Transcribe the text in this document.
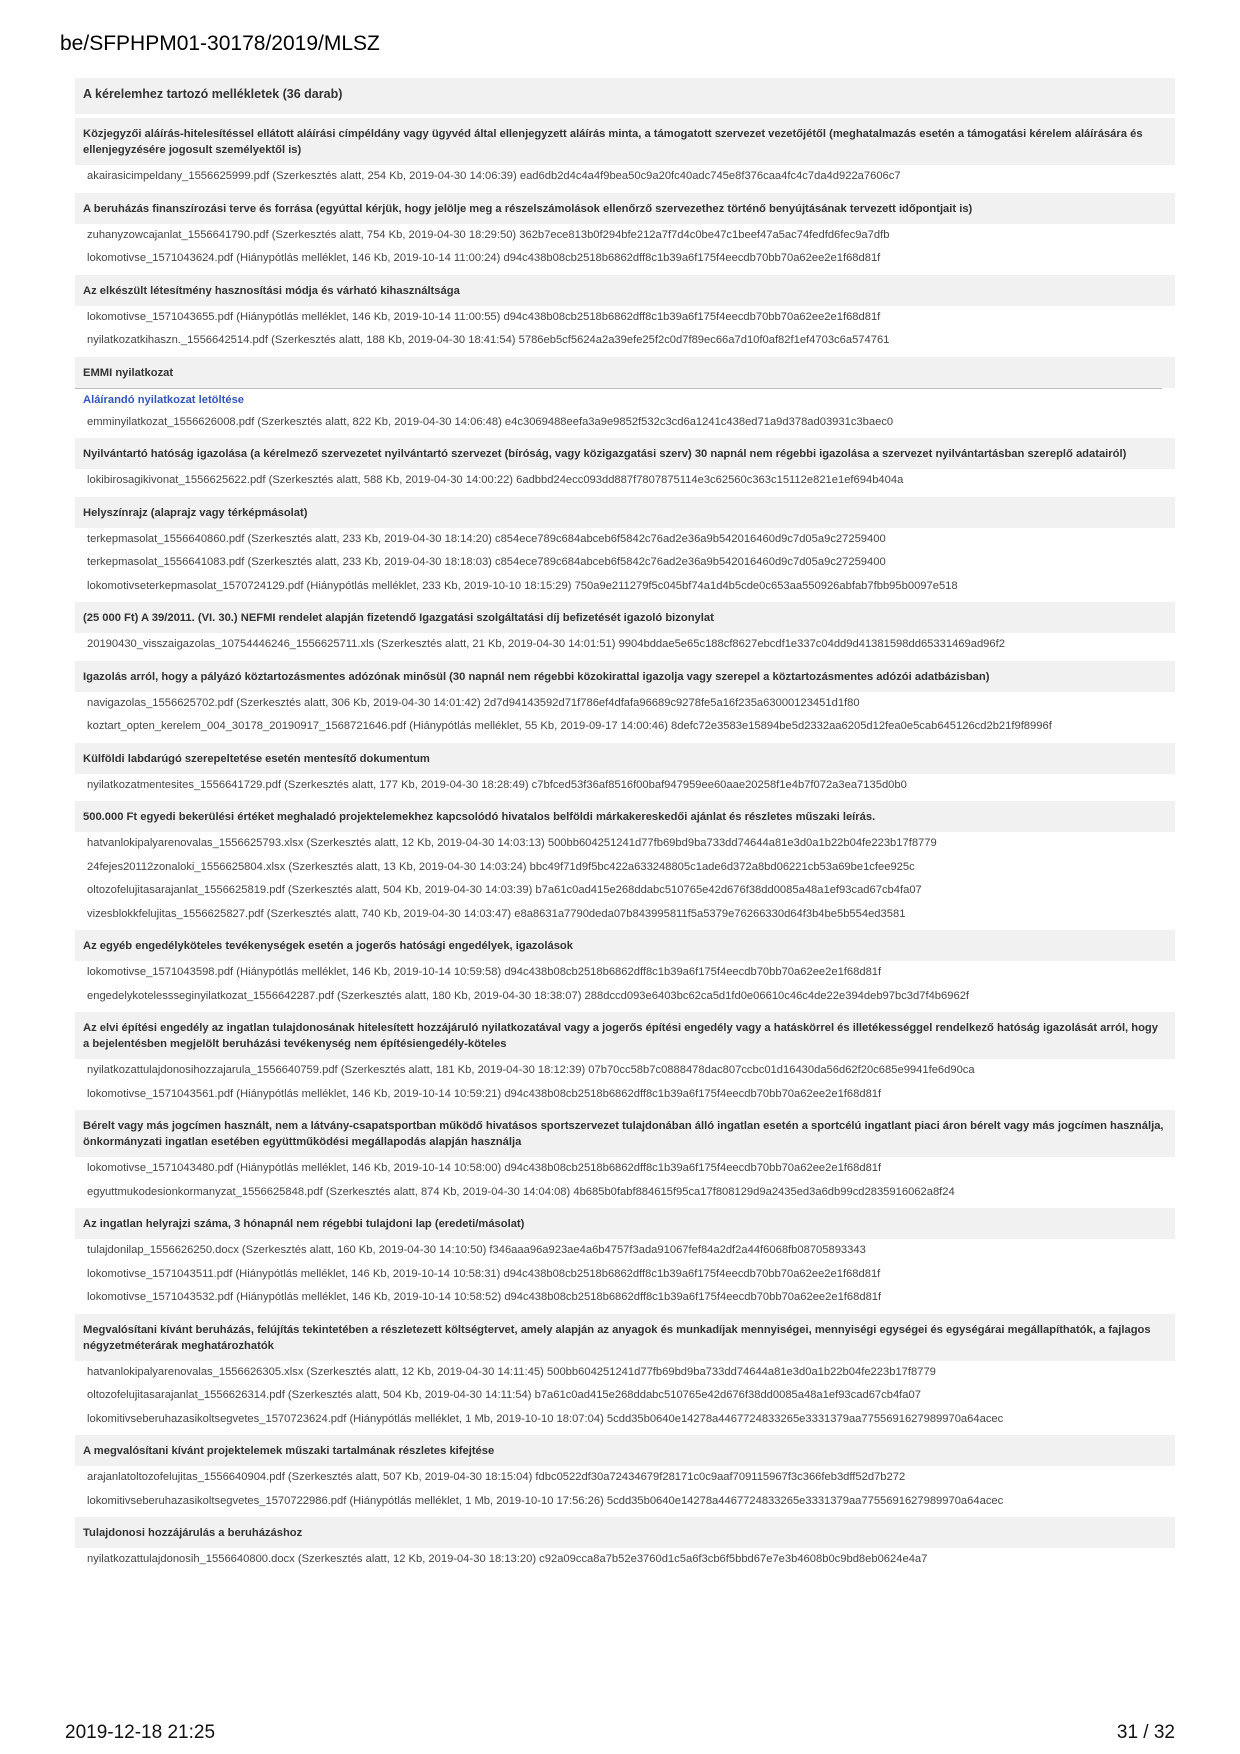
be/SFPHPM01-30178/2019/MLSZ
A kérelemhez tartozó mellékletek (36 darab)
Közjegyzői aláírás-hitelesítéssel ellátott aláírási címpéldány vagy ügyvéd által ellenjegyzett aláírás minta, a támogatott szervezet vezetőjétől (meghatalmazás esetén a támogatási kérelem aláírására és ellenjegyzésére jogosult személyektől is)
akairasicimpeldany_1556625999.pdf (Szerkesztés alatt, 254 Kb, 2019-04-30 14:06:39) ead6db2d4c4a4f9bea50c9a20fc40adc745e8f376caa4fc4c7da4d922a7606c7
A beruházás finanszírozási terve és forrása (egyúttal kérjük, hogy jelölje meg a részelszámolások ellenőrző szervezethez történő benyújtásának tervezett időpontjait is)
zuhanyzowcajanlat_1556641790.pdf (Szerkesztés alatt, 754 Kb, 2019-04-30 18:29:50) 362b7ece813b0f294bfe212a7f7d4c0be47c1beef47a5ac74fedfd6fec9a7dfb
lokomotivse_1571043624.pdf (Hiánypótlás melléklet, 146 Kb, 2019-10-14 11:00:24) d94c438b08cb2518b6862dff8c1b39a6f175f4eecdb70bb70a62ee2e1f68d81f
Az elkészült létesítmény hasznosítási módja és várható kihasználtsága
lokomotivse_1571043655.pdf (Hiánypótlás melléklet, 146 Kb, 2019-10-14 11:00:55) d94c438b08cb2518b6862dff8c1b39a6f175f4eecdb70bb70a62ee2e1f68d81f
nyilatkozatkihaszn._1556642514.pdf (Szerkesztés alatt, 188 Kb, 2019-04-30 18:41:54) 5786eb5cf5624a2a39efe25f2c0d7f89ec66a7d10f0af82f1ef4703c6a574761
EMMI nyilatkozat
Aláírandó nyilatkozat letöltése
emminyilatkozat_1556626008.pdf (Szerkesztés alatt, 822 Kb, 2019-04-30 14:06:48) e4c3069488eefa3a9e9852f532c3cd6a1241c438ed71a9d378ad03931c3baec0
Nyilvántartó hatóság igazolása (a kérelmező szervezetet nyilvántartó szervezet (bíróság, vagy közigazgatási szerv) 30 napnál nem régebbi igazolása a szervezet nyilvántartásban szereplő adatairól)
lokibirosagikivonat_1556625622.pdf (Szerkesztés alatt, 588 Kb, 2019-04-30 14:00:22) 6adbbd24ecc093dd887f7807875114e3c62560c363c15112e821e1ef694b404a
Helyszínrajz (alaprajz vagy térképmásolat)
terkepmasolat_1556640860.pdf (Szerkesztés alatt, 233 Kb, 2019-04-30 18:14:20) c854ece789c684abceb6f5842c76ad2e36a9b542016460d9c7d05a9c27259400
terkepmasolat_1556641083.pdf (Szerkesztés alatt, 233 Kb, 2019-04-30 18:18:03) c854ece789c684abceb6f5842c76ad2e36a9b542016460d9c7d05a9c27259400
lokomotivseterkepmasolat_1570724129.pdf (Hiánypótlás melléklet, 233 Kb, 2019-10-10 18:15:29) 750a9e211279f5c045bf74a1d4b5cde0c653aa550926abfab7fbb95b0097e518
(25 000 Ft) A 39/2011. (VI. 30.) NEFMI rendelet alapján fizetendő Igazgatási szolgáltatási díj befizetését igazoló bizonylat
20190430_visszaigazolas_10754446246_1556625711.xls (Szerkesztés alatt, 21 Kb, 2019-04-30 14:01:51) 9904bddae5e65c188cf8627ebcdf1e337c04dd9d41381598dd65331469ad96f2
Igazolás arról, hogy a pályázó köztartozásmentes adózónak minősül (30 napnál nem régebbi közokirattal igazolja vagy szerepel a köztartozásmentes adózói adatbázisban)
navigazolas_1556625702.pdf (Szerkesztés alatt, 306 Kb, 2019-04-30 14:01:42) 2d7d94143592d71f786ef4dfafa96689c9278fe5a16f235a63000123451d1f80
koztart_opten_kerelem_004_30178_20190917_1568721646.pdf (Hiánypótlás melléklet, 55 Kb, 2019-09-17 14:00:46) 8defc72e3583e15894be5d2332aa6205d12fea0e5cab645126cd2b21f9f8996f
Külföldi labdarúgó szerepeltetése esetén mentesítő dokumentum
nyilatkozatmentesites_1556641729.pdf (Szerkesztés alatt, 177 Kb, 2019-04-30 18:28:49) c7bfced53f36af8516f00baf947959ee60aae20258f1e4b7f072a3ea7135d0b0
500.000 Ft egyedi bekerülési értéket meghaladó projektelemekhez kapcsolódó hivatalos belföldi márkakereskedői ajánlat és részletes műszaki leírás.
hatvanlokipalyarenovalas_1556625793.xlsx (Szerkesztés alatt, 12 Kb, 2019-04-30 14:03:13) 500bb604251241d77fb69bd9ba733dd74644a81e3d0a1b22b04fe223b17f8779
24fejes20112zonaloki_1556625804.xlsx (Szerkesztés alatt, 13 Kb, 2019-04-30 14:03:24) bbc49f71d9f5bc422a633248805c1ade6d372a8bd06221cb53a69be1cfee925c
oltozofelujitasarajanlat_1556625819.pdf (Szerkesztés alatt, 504 Kb, 2019-04-30 14:03:39) b7a61c0ad415e268ddabc510765e42d676f38dd0085a48a1ef93cad67cb4fa07
vizesblokkfelujitas_1556625827.pdf (Szerkesztés alatt, 740 Kb, 2019-04-30 14:03:47) e8a8631a7790deda07b843995811f5a5379e76266330d64f3b4be5b554ed3581
Az egyéb engedélyköteles tevékenységek esetén a jogerős hatósági engedélyek, igazolások
lokomotivse_1571043598.pdf (Hiánypótlás melléklet, 146 Kb, 2019-10-14 10:59:58) d94c438b08cb2518b6862dff8c1b39a6f175f4eecdb70bb70a62ee2e1f68d81f
engedelykotelessseginyilatkozat_1556642287.pdf (Szerkesztés alatt, 180 Kb, 2019-04-30 18:38:07) 288dccd093e6403bc62ca5d1fd0e06610c46c4de22e394deb97bc3d7f4b6962f
Az elvi építési engedély az ingatlan tulajdonosának hitelesített hozzájáruló nyilatkozatával vagy a jogerős építési engedély vagy a hatáskörrel és illetékességgel rendelkező hatóság igazolását arról, hogy a bejelentésben megjelölt beruházási tevékenység nem építésiengedély-köteles
nyilatkozattulajdonosihozzajarula_1556640759.pdf (Szerkesztés alatt, 181 Kb, 2019-04-30 18:12:39) 07b70cc58b7c0888478dac807ccbc01d16430da56d62f20c685e9941fe6d90ca
lokomotivse_1571043561.pdf (Hiánypótlás melléklet, 146 Kb, 2019-10-14 10:59:21) d94c438b08cb2518b6862dff8c1b39a6f175f4eecdb70bb70a62ee2e1f68d81f
Bérelt vagy más jogcímen használt, nem a látvány-csapatsportban működő hivatásos sportszervezet tulajdonában álló ingatlan esetén a sportcélú ingatlant piaci áron bérelt vagy más jogcímen használja, önkormányzati ingatlan esetében együttműködési megállapodás alapján használja
lokomotivse_1571043480.pdf (Hiánypótlás melléklet, 146 Kb, 2019-10-14 10:58:00) d94c438b08cb2518b6862dff8c1b39a6f175f4eecdb70bb70a62ee2e1f68d81f
egyuttmukodesionkormanyzat_1556625848.pdf (Szerkesztés alatt, 874 Kb, 2019-04-30 14:04:08) 4b685b0fabf884615f95ca17f808129d9a2435ed3a6db99cd2835916062a8f24
Az ingatlan helyrajzi száma, 3 hónapnál nem régebbi tulajdoni lap (eredeti/másolat)
tulajdonilap_1556626250.docx (Szerkesztés alatt, 160 Kb, 2019-04-30 14:10:50) f346aaa96a923ae4a6b4757f3ada91067fef84a2df2a44f6068fb08705893343
lokomotivse_1571043511.pdf (Hiánypótlás melléklet, 146 Kb, 2019-10-14 10:58:31) d94c438b08cb2518b6862dff8c1b39a6f175f4eecdb70bb70a62ee2e1f68d81f
lokomotivse_1571043532.pdf (Hiánypótlás melléklet, 146 Kb, 2019-10-14 10:58:52) d94c438b08cb2518b6862dff8c1b39a6f175f4eecdb70bb70a62ee2e1f68d81f
Megvalósítani kívánt beruházás, felújítás tekintetében a részletezett költségtervet, amely alapján az anyagok és munkadíjak mennyiségei, mennyiségi egységei és egységárai megállapíthatók, a fajlagos négyzetméterárak meghatározhatók
hatvanlokipalyarenovalas_1556626305.xlsx (Szerkesztés alatt, 12 Kb, 2019-04-30 14:11:45) 500bb604251241d77fb69bd9ba733dd74644a81e3d0a1b22b04fe223b17f8779
oltozofelujitasarajanlat_1556626314.pdf (Szerkesztés alatt, 504 Kb, 2019-04-30 14:11:54) b7a61c0ad415e268ddabc510765e42d676f38dd0085a48a1ef93cad67cb4fa07
lokomitivseberuhazasikoltsegvetes_1570723624.pdf (Hiánypótlás melléklet, 1 Mb, 2019-10-10 18:07:04) 5cdd35b0640e14278a4467724833265e3331379aa7755691627989970a64acec
A megvalósítani kívánt projektelemek műszaki tartalmának részletes kifejtése
arajanlatoltozofelujitas_1556640904.pdf (Szerkesztés alatt, 507 Kb, 2019-04-30 18:15:04) fdbc0522df30a72434679f28171c0c9aaf709115967f3c366feb3dff52d7b272
lokomitivseberuhazasikoltsegvetes_1570722986.pdf (Hiánypótlás melléklet, 1 Mb, 2019-10-10 17:56:26) 5cdd35b0640e14278a4467724833265e3331379aa7755691627989970a64acec
Tulajdonosi hozzájárulás a beruházáshoz
nyilatkozattulajdonosih_1556640800.docx (Szerkesztés alatt, 12 Kb, 2019-04-30 18:13:20) c92a09cca8a7b52e3760d1c5a6f3cb6f5bbd67e7e3b4608b0c9bd8eb0624e4a7
2019-12-18 21:25	31 / 32
